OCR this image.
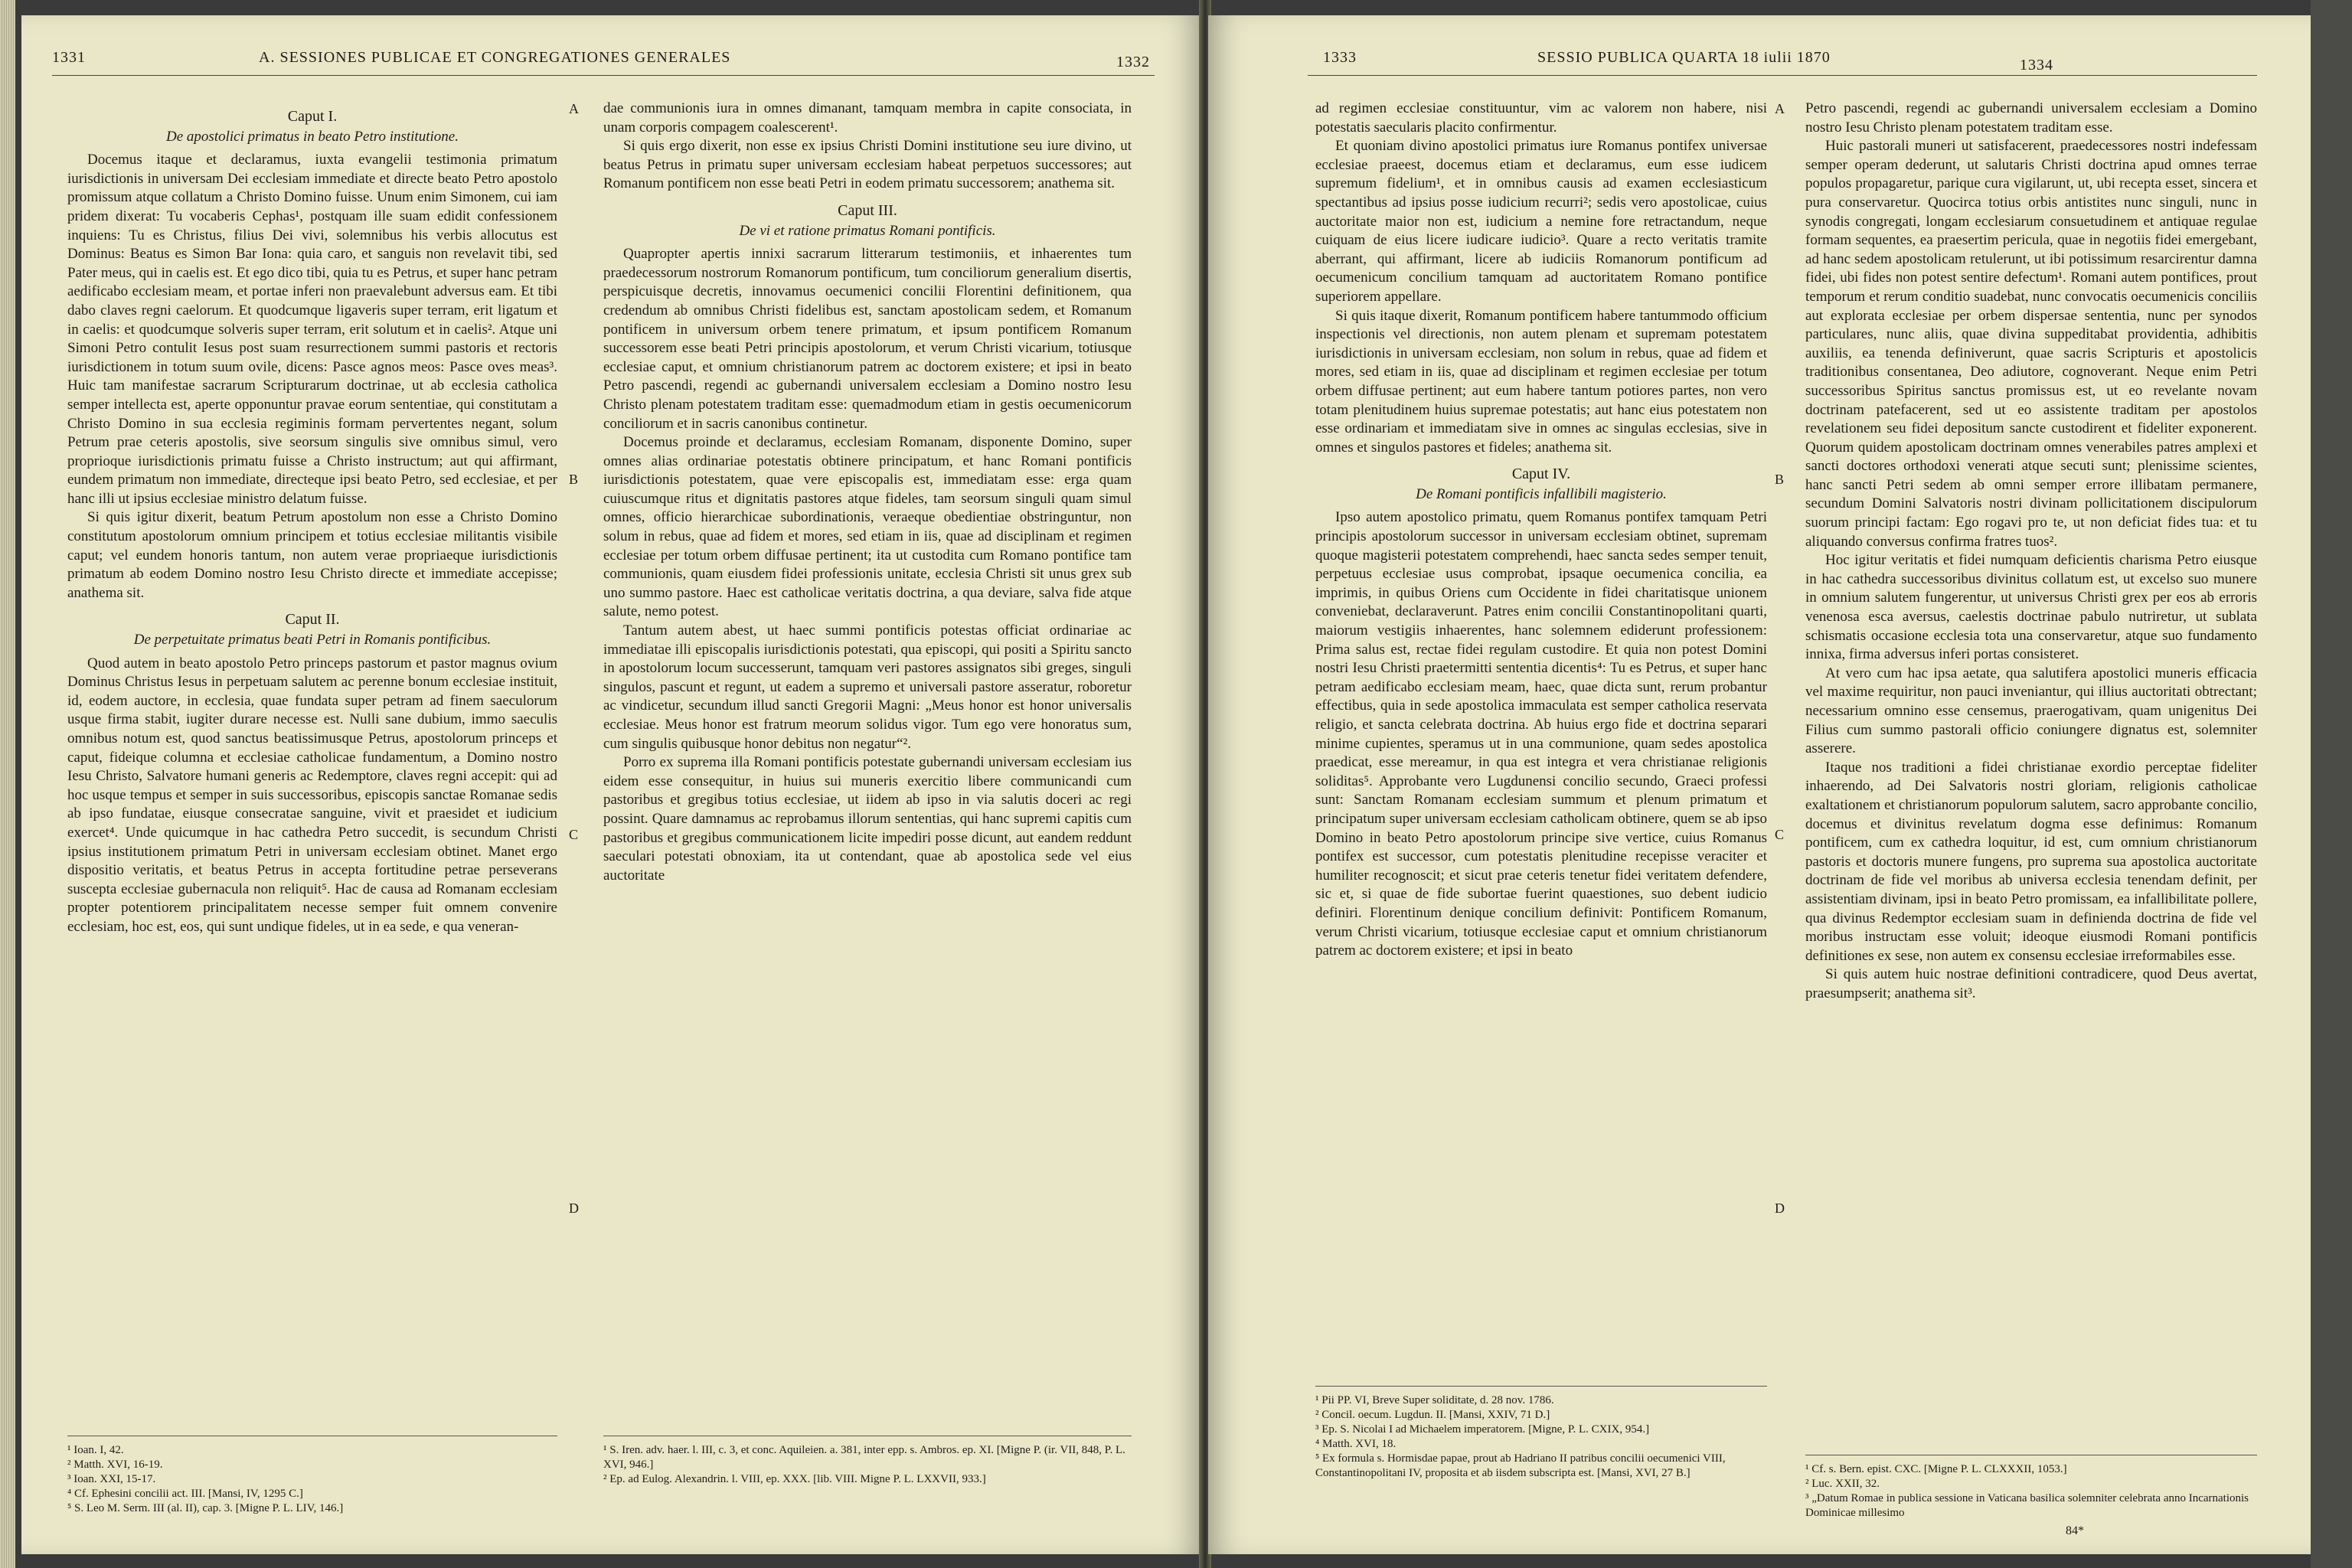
1331	A. SESSIONES PUBLICAE ET CONGREGATIONES GENERALES	1332

Caput I.

De apostolici primatus in beato Petro institutione.

Docemus itaque et declaramus, iuxta evangelii testimonia primatum iurisdictionis in universam Dei ecclesiam immediate et directe beato Petro apostolo promissum atque collatum a Christo Domino fuisse. Unum enim Simonem, cui iam pridem dixerat: Tu vocaberis Cephas¹, postquam ille suam edidit confessionem inquiens: Tu es Christus, filius Dei vivi, solemnibus his verbis allocutus est Dominus: Beatus es Simon Bar Iona: quia caro, et sanguis non revelavit tibi, sed Pater meus, qui in caelis est. Et ego dico tibi, quia tu es Petrus, et super hanc petram aedificabo ecclesiam meam, et portae inferi non praevalebunt adversus eam. Et tibi dabo claves regni caelorum. Et quodcumque ligaveris super terram, erit ligatum et in caelis: et quodcumque solveris super terram, erit solutum et in caelis². Atque uni Simoni Petro contulit Iesus post suam resurrectionem summi pastoris et rectoris iurisdictionem in totum suum ovile, dicens: Pasce agnos meos: Pasce oves meas³. Huic tam manifestae sacrarum Scripturarum doctrinae, ut ab ecclesia catholica semper intellecta est, aperte opponuntur pravae eorum sententiae, qui constitutam a Christo Domino in sua ecclesia regiminis formam pervertentes negant, solum Petrum prae ceteris apostolis, sive seorsum singulis sive omnibus simul, vero proprioque iurisdictionis primatu fuisse a Christo instructum; aut qui affirmant, eundem primatum non immediate, directeque ipsi beato Petro, sed ecclesiae, et per hanc illi ut ipsius ecclesiae ministro delatum fuisse.

Si quis igitur dixerit, beatum Petrum apostolum non esse a Christo Domino constitutum apostolorum omnium principem et totius ecclesiae militantis visibile caput; vel eundem honoris tantum, non autem verae propriaeque iurisdictionis primatum ab eodem Domino nostro Iesu Christo directe et immediate accepisse; anathema sit.

Caput II.

De perpetuitate primatus beati Petri in Romanis pontificibus.

Quod autem in beato apostolo Petro princeps pastorum et pastor magnus ovium Dominus Christus Iesus in perpetuam salutem ac perenne bonum ecclesiae instituit, id, eodem auctore, in ecclesia, quae fundata super petram ad finem saeculorum usque firma stabit, iugiter durare necesse est. Nulli sane dubium, immo saeculis omnibus notum est, quod sanctus beatissimusque Petrus, apostolorum princeps et caput, fideique columna et ecclesiae catholicae fundamentum, a Domino nostro Iesu Christo, Salvatore humani generis ac Redemptore, claves regni accepit: qui ad hoc usque tempus et semper in suis successoribus, episcopis sanctae Romanae sedis ab ipso fundatae, eiusque consecratae sanguine, vivit et praesidet et iudicium exercet⁴. Unde quicumque in hac cathedra Petro succedit, is secundum Christi ipsius institutionem primatum Petri in universam ecclesiam obtinet. Manet ergo dispositio veritatis, et beatus Petrus in accepta fortitudine petrae perseverans suscepta ecclesiae gubernacula non reliquit⁵. Hac de causa ad Romanam ecclesiam propter potentiorem principalitatem necesse semper fuit omnem convenire ecclesiam, hoc est, eos, qui sunt undique fideles, ut in ea sede, e qua veneran-

dae communionis iura in omnes dimanant, tamquam membra in capite consociata, in unam corporis compagem coalescerent¹.

Si quis ergo dixerit, non esse ex ipsius Christi Domini institutione seu iure divino, ut beatus Petrus in primatu super universam ecclesiam habeat perpetuos successores; aut Romanum pontificem non esse beati Petri in eodem primatu successorem; anathema sit.

Caput III.

De vi et ratione primatus Romani pontificis.

Quapropter apertis innixi sacrarum litterarum testimoniis, et inhaerentes tum praedecessorum nostrorum Romanorum pontificum, tum conciliorum generalium disertis, perspicuisque decretis, innovamus oecumenici concilii Florentini definitionem, qua credendum ab omnibus Christi fidelibus est, sanctam apostolicam sedem, et Romanum pontificem in universum orbem tenere primatum, et ipsum pontificem Romanum successorem esse beati Petri principis apostolorum, et verum Christi vicarium, totiusque ecclesiae caput, et omnium christianorum patrem ac doctorem existere; et ipsi in beato Petro pascendi, regendi ac gubernandi universalem ecclesiam a Domino nostro Iesu Christo plenam potestatem traditam esse: quemadmodum etiam in gestis oecumenicorum conciliorum et in sacris canonibus continetur.

Docemus proinde et declaramus, ecclesiam Romanam, disponente Domino, super omnes alias ordinariae potestatis obtinere principatum, et hanc Romani pontificis iurisdictionis potestatem, quae vere episcopalis est, immediatam esse: erga quam cuiuscumque ritus et dignitatis pastores atque fideles, tam seorsum singuli quam simul omnes, officio hierarchicae subordinationis, veraeque obedientiae obstringuntur, non solum in rebus, quae ad fidem et mores, sed etiam in iis, quae ad disciplinam et regimen ecclesiae per totum orbem diffusae pertinent; ita ut custodita cum Romano pontifice tam communionis, quam eiusdem fidei professionis unitate, ecclesia Christi sit unus grex sub uno summo pastore. Haec est catholicae veritatis doctrina, a qua deviare, salva fide atque salute, nemo potest.

Tantum autem abest, ut haec summi pontificis potestas officiat ordinariae ac immediatae illi episcopalis iurisdictionis potestati, qua episcopi, qui positi a Spiritu sancto in apostolorum locum successerunt, tamquam veri pastores assignatos sibi greges, singuli singulos, pascunt et regunt, ut eadem a supremo et universali pastore asseratur, roboretur ac vindicetur, secundum illud sancti Gregorii Magni: „Meus honor est honor universalis ecclesiae. Meus honor est fratrum meorum solidus vigor. Tum ego vere honoratus sum, cum singulis quibusque honor debitus non negatur“².

Porro ex suprema illa Romani pontificis potestate gubernandi universam ecclesiam ius eidem esse consequitur, in huius sui muneris exercitio libere communicandi cum pastoribus et gregibus totius ecclesiae, ut iidem ab ipso in via salutis doceri ac regi possint. Quare damnamus ac reprobamus illorum sententias, qui hanc supremi capitis cum pastoribus et gregibus communicationem licite impediri posse dicunt, aut eandem reddunt saeculari potestati obnoxiam, ita ut contendant, quae ab apostolica sede vel eius auctoritate

A
B
C
D
¹ Ioan. I, 42.
² Matth. XVI, 16-19.
³ Ioan. XXI, 15-17.
⁴ Cf. Ephesini concilii act. III. [Mansi, IV, 1295 C.]
⁵ S. Leo M. Serm. III (al. II), cap. 3. [Migne P. L. LIV, 146.]
¹ S. Iren. adv. haer. l. III, c. 3, et conc. Aquileien. a. 381, inter epp. s. Ambros. ep. XI. [Migne P. (ir. VII, 848, P. L. XVI, 946.]
² Ep. ad Eulog. Alexandrin. l. VIII, ep. XXX. [lib. VIII. Migne P. L. LXXVII, 933.]
1333	SESSIO PUBLICA QUARTA 18 iulii 1870	1334

ad regimen ecclesiae constituuntur, vim ac valorem non habere, nisi potestatis saecularis placito confirmentur.

Et quoniam divino apostolici primatus iure Romanus pontifex universae ecclesiae praeest, docemus etiam et declaramus, eum esse iudicem supremum fidelium¹, et in omnibus causis ad examen ecclesiasticum spectantibus ad ipsius posse iudicium recurri²; sedis vero apostolicae, cuius auctoritate maior non est, iudicium a nemine fore retractandum, neque cuiquam de eius licere iudicare iudicio³. Quare a recto veritatis tramite aberrant, qui affirmant, licere ab iudiciis Romanorum pontificum ad oecumenicum concilium tamquam ad auctoritatem Romano pontifice superiorem appellare.

Si quis itaque dixerit, Romanum pontificem habere tantummodo officium inspectionis vel directionis, non autem plenam et supremam potestatem iurisdictionis in universam ecclesiam, non solum in rebus, quae ad fidem et mores, sed etiam in iis, quae ad disciplinam et regimen ecclesiae per totum orbem diffusae pertinent; aut eum habere tantum potiores partes, non vero totam plenitudinem huius supremae potestatis; aut hanc eius potestatem non esse ordinariam et immediatam sive in omnes ac singulas ecclesias, sive in omnes et singulos pastores et fideles; anathema sit.

Caput IV.

De Romani pontificis infallibili magisterio.

Ipso autem apostolico primatu, quem Romanus pontifex tamquam Petri principis apostolorum successor in universam ecclesiam obtinet, supremam quoque magisterii potestatem comprehendi, haec sancta sedes semper tenuit, perpetuus ecclesiae usus comprobat, ipsaque oecumenica concilia, ea imprimis, in quibus Oriens cum Occidente in fidei charitatisque unionem conveniebat, declaraverunt. Patres enim concilii Constantinopolitani quarti, maiorum vestigiis inhaerentes, hanc solemnem ediderunt professionem: Prima salus est, rectae fidei regulam custodire. Et quia non potest Domini nostri Iesu Christi praetermitti sententia dicentis⁴: Tu es Petrus, et super hanc petram aedificabo ecclesiam meam, haec, quae dicta sunt, rerum probantur effectibus, quia in sede apostolica immaculata est semper catholica reservata religio, et sancta celebrata doctrina. Ab huius ergo fide et doctrina separari minime cupientes, speramus ut in una communione, quam sedes apostolica praedicat, esse mereamur, in qua est integra et vera christianae religionis soliditas⁵. Approbante vero Lugdunensi concilio secundo, Graeci professi sunt: Sanctam Romanam ecclesiam summum et plenum primatum et principatum super universam ecclesiam catholicam obtinere, quem se ab ipso Domino in beato Petro apostolorum principe sive vertice, cuius Romanus pontifex est successor, cum potestatis plenitudine recepisse veraciter et humiliter recognoscit; et sicut prae ceteris tenetur fidei veritatem defendere, sic et, si quae de fide subortae fuerint quaestiones, suo debent iudicio definiri. Florentinum denique concilium definivit: Pontificem Romanum, verum Christi vicarium, totiusque ecclesiae caput et omnium christianorum patrem ac doctorem existere; et ipsi in beato

Petro pascendi, regendi ac gubernandi universalem ecclesiam a Domino nostro Iesu Christo plenam potestatem traditam esse.

Huic pastorali muneri ut satisfacerent, praedecessores nostri indefessam semper operam dederunt, ut salutaris Christi doctrina apud omnes terrae populos propagaretur, parique cura vigilarunt, ut, ubi recepta esset, sincera et pura conservaretur. Quocirca totius orbis antistites nunc singuli, nunc in synodis congregati, longam ecclesiarum consuetudinem et antiquae regulae formam sequentes, ea praesertim pericula, quae in negotiis fidei emergebant, ad hanc sedem apostolicam retulerunt, ut ibi potissimum resarcirentur damna fidei, ubi fides non potest sentire defectum¹. Romani autem pontifices, prout temporum et rerum conditio suadebat, nunc convocatis oecumenicis conciliis aut explorata ecclesiae per orbem dispersae sententia, nunc per synodos particulares, nunc aliis, quae divina suppeditabat providentia, adhibitis auxiliis, ea tenenda definiverunt, quae sacris Scripturis et apostolicis traditionibus consentanea, Deo adiutore, cognoverant. Neque enim Petri successoribus Spiritus sanctus promissus est, ut eo revelante novam doctrinam patefacerent, sed ut eo assistente traditam per apostolos revelationem seu fidei depositum sancte custodirent et fideliter exponerent. Quorum quidem apostolicam doctrinam omnes venerabiles patres amplexi et sancti doctores orthodoxi venerati atque secuti sunt; plenissime scientes, hanc sancti Petri sedem ab omni semper errore illibatam permanere, secundum Domini Salvatoris nostri divinam pollicitationem discipulorum suorum principi factam: Ego rogavi pro te, ut non deficiat fides tua: et tu aliquando conversus confirma fratres tuos².

Hoc igitur veritatis et fidei numquam deficientis charisma Petro eiusque in hac cathedra successoribus divinitus collatum est, ut excelso suo munere in omnium salutem fungerentur, ut universus Christi grex per eos ab erroris venenosa esca aversus, caelestis doctrinae pabulo nutriretur, ut sublata schismatis occasione ecclesia tota una conservaretur, atque suo fundamento innixa, firma adversus inferi portas consisteret.

At vero cum hac ipsa aetate, qua salutifera apostolici muneris efficacia vel maxime requiritur, non pauci inveniantur, qui illius auctoritati obtrectant; necessarium omnino esse censemus, praerogativam, quam unigenitus Dei Filius cum summo pastorali officio coniungere dignatus est, solemniter asserere.

Itaque nos traditioni a fidei christianae exordio perceptae fideliter inhaerendo, ad Dei Salvatoris nostri gloriam, religionis catholicae exaltationem et christianorum populorum salutem, sacro approbante concilio, docemus et divinitus revelatum dogma esse definimus: Romanum pontificem, cum ex cathedra loquitur, id est, cum omnium christianorum pastoris et doctoris munere fungens, pro suprema sua apostolica auctoritate doctrinam de fide vel moribus ab universa ecclesia tenendam definit, per assistentiam divinam, ipsi in beato Petro promissam, ea infallibilitate pollere, qua divinus Redemptor ecclesiam suam in definienda doctrina de fide vel moribus instructam esse voluit; ideoque eiusmodi Romani pontificis definitiones ex sese, non autem ex consensu ecclesiae irreformabiles esse.

Si quis autem huic nostrae definitioni contradicere, quod Deus avertat, praesumpserit; anathema sit³.

A
B
C
D
¹ Pii PP. VI, Breve Super soliditate, d. 28 nov. 1786.
² Concil. oecum. Lugdun. II. [Mansi, XXIV, 71 D.]
³ Ep. S. Nicolai I ad Michaelem imperatorem. [Migne, P. L. CXIX, 954.]
⁴ Matth. XVI, 18.
⁵ Ex formula s. Hormisdae papae, prout ab Hadriano II patribus concilii oecumenici VIII, Constantinopolitani IV, proposita et ab iisdem subscripta est. [Mansi, XVI, 27 B.]	¹ Cf. s. Bern. epist. CXC. [Migne P. L. CLXXXII, 1053.]
² Luc. XXII, 32.
³ „Datum Romae in publica sessione in Vaticana basilica solemniter celebrata anno Incarnationis Dominicae millesimo
84*
